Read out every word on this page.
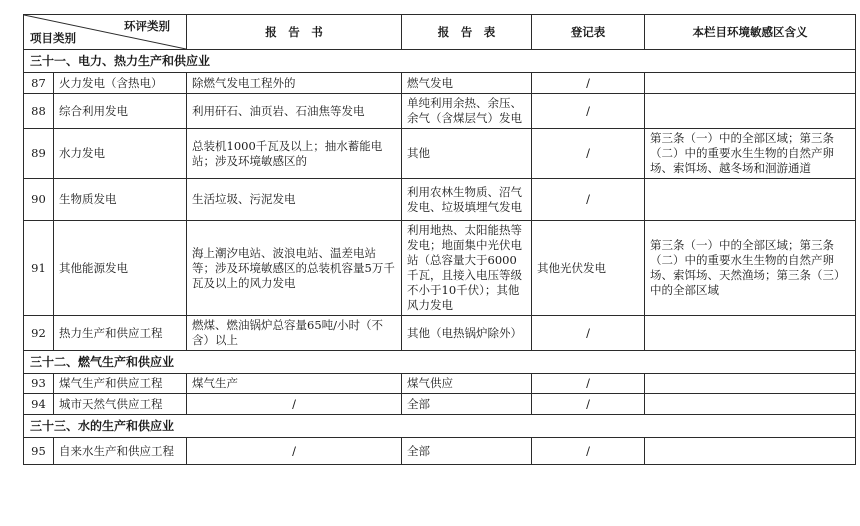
环评类别
项目类别		报　告　书	报　告　表	登记表	本栏目环境敏感区含义
三十一、电力、热力生产和供应业					
87	火力发电（含热电）	除燃气发电工程外的	燃气发电	/	
88	综合利用发电	利用矸石、油页岩、石油焦等发电	单纯利用余热、余压、余气（含煤层气）发电	/	
89	水力发电	总装机1000千瓦及以上；抽水蓄能电站；涉及环境敏感区的	其他	/	第三条（一）中的全部区域；第三条（二）中的重要水生生物的自然产卵场、索饵场、越冬场和洄游通道
90	生物质发电	生活垃圾、污泥发电	利用农林生物质、沼气发电、垃圾填埋气发电	/	
91	其他能源发电	海上潮汐电站、波浪电站、温差电站等；涉及环境敏感区的总装机容量5万千瓦及以上的风力发电	利用地热、太阳能热等发电；地面集中光伏电站（总容量大于6000千瓦，且接入电压等级不小于10千伏）；其他风力发电	其他光伏发电	第三条（一）中的全部区域；第三条（二）中的重要水生生物的自然产卵场、索饵场、天然渔场；第三条（三）中的全部区域
92	热力生产和供应工程	燃煤、燃油锅炉总容量65吨/小时（不含）以上	其他（电热锅炉除外）	/	
三十二、燃气生产和供应业					
93	煤气生产和供应工程	煤气生产	煤气供应	/	
94	城市天然气供应工程	/	全部	/	
三十三、水的生产和供应业					
95	自来水生产和供应工程	/	全部	/	
